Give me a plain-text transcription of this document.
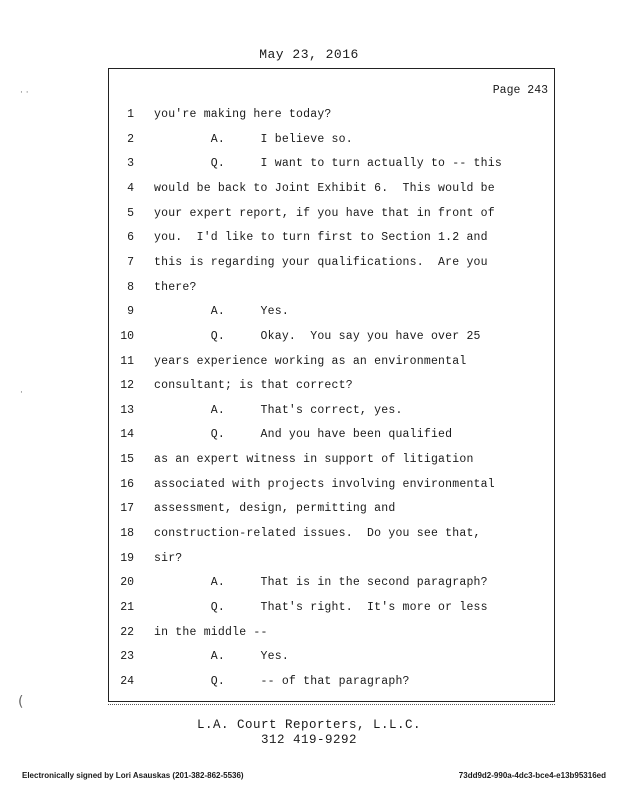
May 23, 2016
Page 243
1 you're making here today?
2 A.     I believe so.
3 Q.     I want to turn actually to -- this
4 would be back to Joint Exhibit 6.  This would be
5 your expert report, if you have that in front of
6 you.  I'd like to turn first to Section 1.2 and
7 this is regarding your qualifications.  Are you
8 there?
9 A.     Yes.
10 Q.     Okay.  You say you have over 25
11 years experience working as an environmental
12 consultant; is that correct?
13 A.     That's correct, yes.
14 Q.     And you have been qualified
15 as an expert witness in support of litigation
16 associated with projects involving environmental
17 assessment, design, permitting and
18 construction-related issues.  Do you see that,
19 sir?
20 A.     That is in the second paragraph?
21 Q.     That's right.  It's more or less
22 in the middle --
23 A.     Yes.
24 Q.     -- of that paragraph?
L.A. Court Reporters, L.L.C.
312 419-9292
Electronically signed by Lori Asauskas (201-382-862-5536)	73dd9d2-990a-4dc3-bce4-e13b95316ed
· ·
·
(
